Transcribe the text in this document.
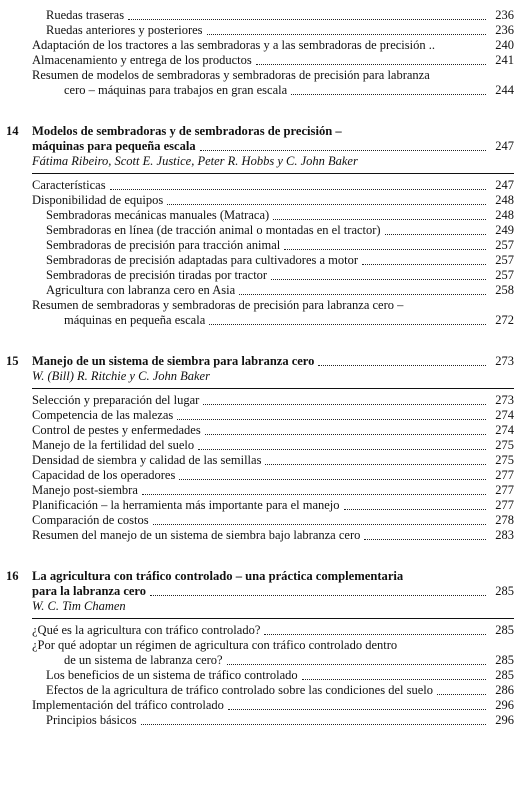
Ruedas traseras	236
Ruedas anteriores y posteriores	236
Adaptación de los tractores a las sembradoras y a las sembradoras de precisión ..	240
Almacenamiento y entrega de los productos	241
Resumen de modelos de sembradoras y sembradoras de precisión para labranza
cero – máquinas para trabajos en gran escala	244
14	Modelos de sembradoras y de sembradoras de precisión –
máquinas para pequeña escala	247
Fátima Ribeiro, Scott E. Justice, Peter R. Hobbs y C. John Baker
Características	247
Disponibilidad de equipos	248
Sembradoras mecánicas manuales (Matraca)	248
Sembradoras en línea (de tracción animal o montadas en el tractor)	249
Sembradoras de precisión para tracción animal	257
Sembradoras de precisión adaptadas para cultivadores a motor	257
Sembradoras de precisión tiradas por tractor	257
Agricultura con labranza cero en Asia	258
Resumen de sembradoras y sembradoras de precisión para labranza cero –
máquinas en pequeña escala	272
15	Manejo de un sistema de siembra para labranza cero	273
W. (Bill) R. Ritchie y C. John Baker
Selección y preparación del lugar	273
Competencia de las malezas	274
Control de pestes y enfermedades	274
Manejo de la fertilidad del suelo	275
Densidad de siembra y calidad de las semillas	275
Capacidad de los operadores	277
Manejo post-siembra	277
Planificación – la herramienta más importante para el manejo	277
Comparación de costos	278
Resumen del manejo de un sistema de siembra bajo labranza cero	283
16	La agricultura con tráfico controlado – una práctica complementaria
para la labranza cero	285
W. C. Tim Chamen
¿Qué es la agricultura con tráfico controlado?	285
¿Por qué adoptar un régimen de agricultura con tráfico controlado dentro
de un sistema de labranza cero?	285
Los beneficios de un sistema de tráfico controlado	285
Efectos de la agricultura de tráfico controlado sobre las condiciones del suelo	286
Implementación del tráfico controlado	296
Principios básicos	296
